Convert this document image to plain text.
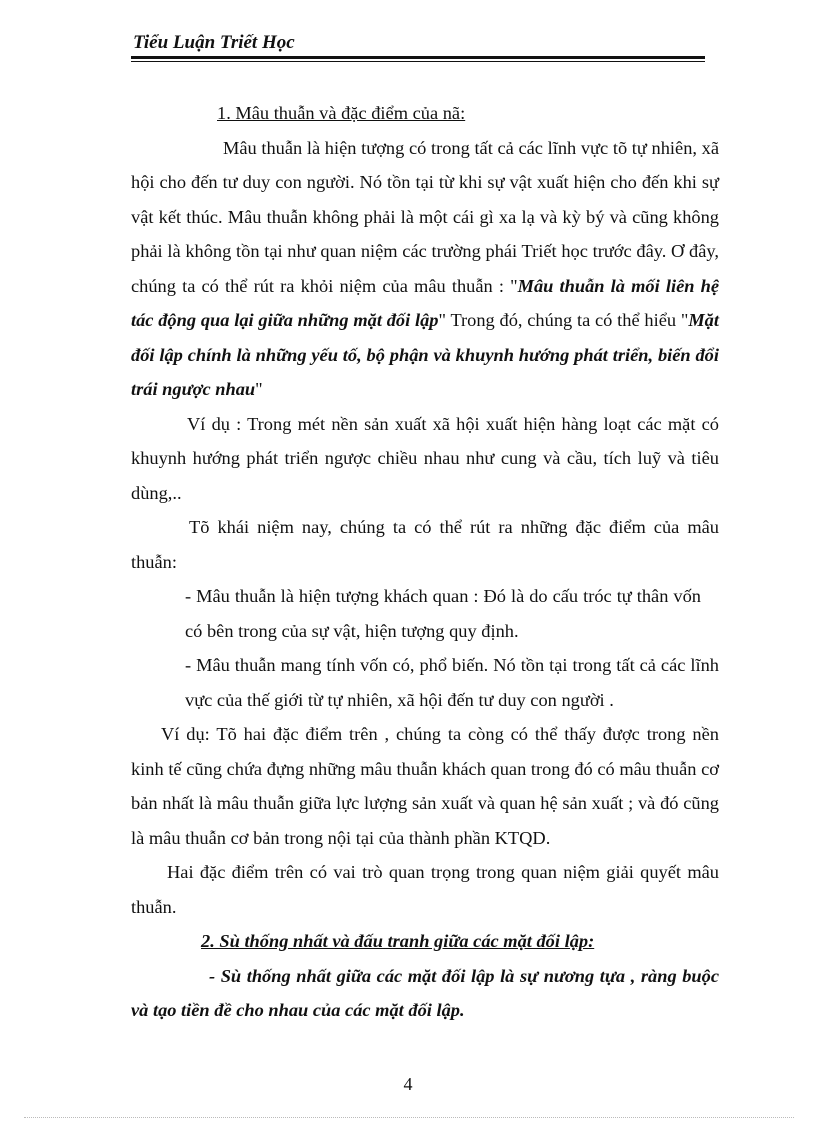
Tiểu Luận Triết Học

1. Mâu thuẫn và đặc điểm của nã:

Mâu thuẫn là hiện tượng có trong tất cả các lĩnh vực tõ tự nhiên, xã hội cho đến tư duy con người. Nó tồn tại từ khi sự vật xuất hiện cho đến khi sự vật kết thúc. Mâu thuẫn không phải là một cái gì xa lạ và kỳ bý và cũng không phải là không tồn tại như quan niệm các trường phái Triết học trước đây. Ơ đây, chúng ta có thể rút ra khỏi niệm của mâu thuẫn : "Mâu thuẫn là mối liên hệ tác động qua lại giữa những mặt đối lập" Trong đó, chúng ta có thể hiểu "Mặt đối lập chính là những yếu tố, bộ phận và khuynh hướng phát triển, biến đổi trái ngược nhau"

Ví dụ : Trong mét nền sản xuất xã hội xuất hiện hàng loạt các mặt có khuynh hướng phát triển ngược chiều nhau như cung và cầu, tích luỹ và tiêu dùng,..

Tõ khái niệm nay, chúng ta có thể rút ra những đặc điểm của mâu thuẫn:

- Mâu thuẫn là hiện tượng khách quan : Đó là do cấu tróc tự thân vốn có bên trong của sự vật, hiện tượng quy định.

- Mâu thuẫn mang tính vốn có, phổ biến. Nó tồn tại trong tất cả các lĩnh vực của thế giới từ tự nhiên, xã hội đến tư duy con người .

Ví dụ: Tõ hai đặc điểm trên , chúng ta còng có thể thấy được trong nền kinh tế cũng chứa đựng những mâu thuẫn khách quan trong đó có mâu thuẫn cơ bản nhất là mâu thuẫn giữa lực lượng sản xuất và quan hệ sản xuất ; và đó cũng là mâu thuẫn cơ bản trong nội tại của thành phần KTQD.

Hai đặc điểm trên có vai trò quan trọng trong quan niệm giải quyết mâu thuẫn.

2. Sù thống nhất và đấu tranh giữa các mặt đối lập:

- Sù thống nhất giữa các mặt đối lập là sự nương tựa , ràng buộc và tạo tiền đề cho nhau của các mặt đối lập.

4
